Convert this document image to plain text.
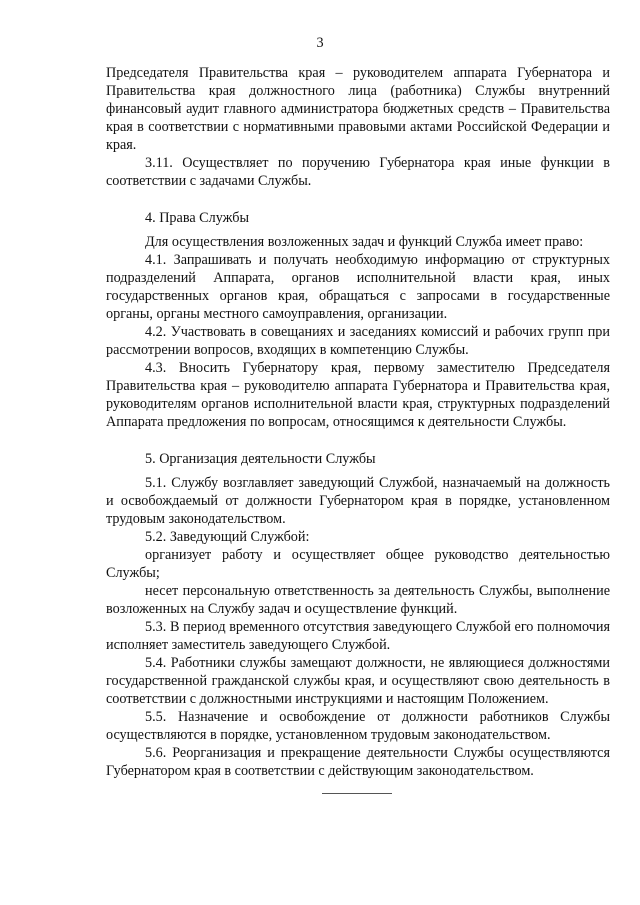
3

Председателя Правительства края – руководителем аппарата Губернатора и Правительства края должностного лица (работника) Службы внутренний финансовый аудит главного администратора бюджетных средств – Правительства края в соответствии с нормативными правовыми актами Российской Федерации и края.

3.11. Осуществляет по поручению Губернатора края иные функции в соответствии с задачами Службы.

4. Права Службы

Для осуществления возложенных задач и функций Служба имеет право:

4.1. Запрашивать и получать необходимую информацию от структурных подразделений Аппарата, органов исполнительной власти края, иных государственных органов края, обращаться с запросами в государственные органы, органы местного самоуправления, организации.

4.2. Участвовать в совещаниях и заседаниях комиссий и рабочих групп при рассмотрении вопросов, входящих в компетенцию Службы.

4.3. Вносить Губернатору края, первому заместителю Председателя Правительства края – руководителю аппарата Губернатора и Правительства края, руководителям органов исполнительной власти края, структурных подразделений Аппарата предложения по вопросам, относящимся к деятельности Службы.

5. Организация деятельности Службы

5.1. Службу возглавляет заведующий Службой, назначаемый на должность и освобождаемый от должности Губернатором края в порядке, установленном трудовым законодательством.

5.2. Заведующий Службой:

организует работу и осуществляет общее руководство деятельностью Службы;

несет персональную ответственность за деятельность Службы, выполнение возложенных на Службу задач и осуществление функций.

5.3. В период временного отсутствия заведующего Службой его полномочия исполняет заместитель заведующего Службой.

5.4. Работники службы замещают должности, не являющиеся должностями государственной гражданской службы края, и осуществляют свою деятельность в соответствии с должностными инструкциями и настоящим Положением.

5.5. Назначение и освобождение от должности работников Службы осуществляются в порядке, установленном трудовым законодательством.

5.6. Реорганизация и прекращение деятельности Службы осуществляются Губернатором края в соответствии с действующим законодательством.
